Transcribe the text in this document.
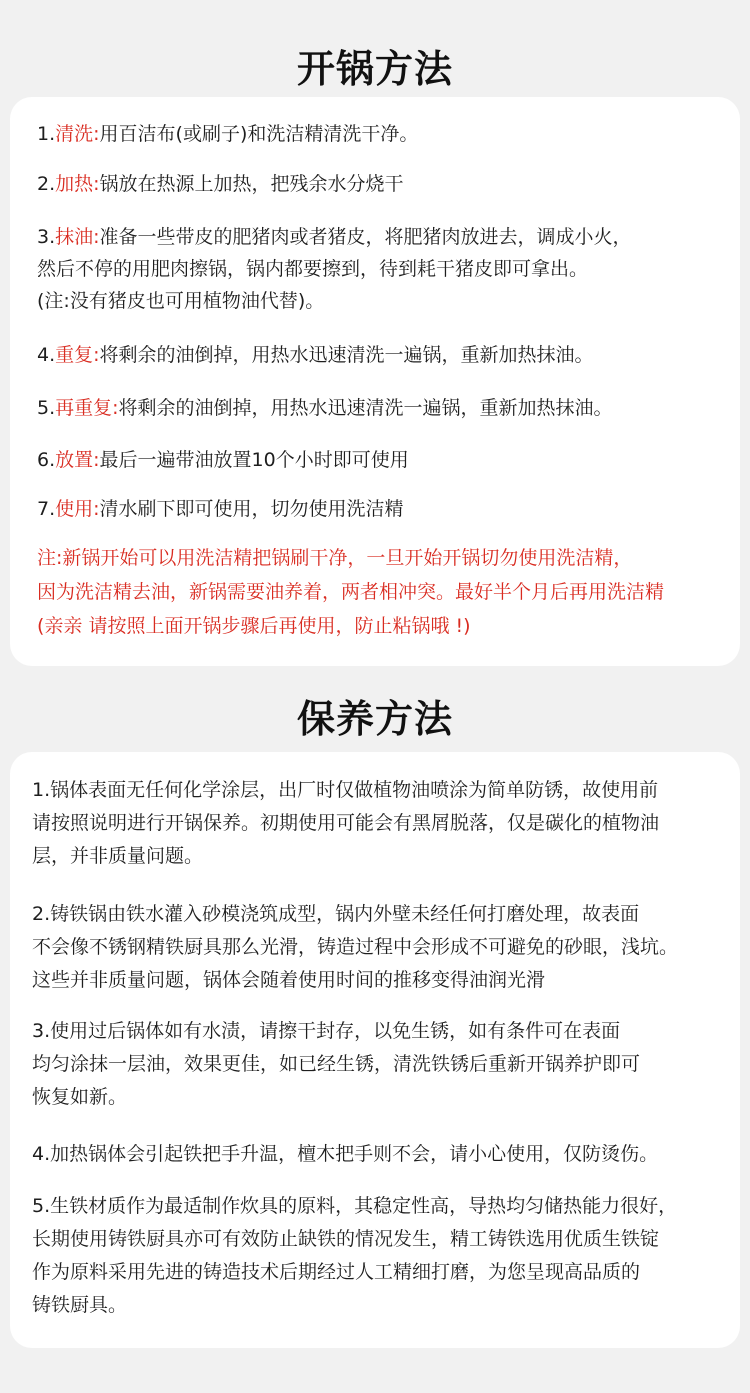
开锅方法
1.清洗:用百洁布(或刷子)和洗洁精清洗干净。
2.加热:锅放在热源上加热，把残余水分烧干
3.抹油:准备一些带皮的肥猪肉或者猪皮，将肥猪肉放进去，调成小火，
然后不停的用肥肉擦锅，锅内都要擦到，待到耗干猪皮即可拿出。
(注:没有猪皮也可用植物油代替)。
4.重复:将剩余的油倒掉，用热水迅速清洗一遍锅，重新加热抹油。
5.再重复:将剩余的油倒掉，用热水迅速清洗一遍锅，重新加热抹油。
6.放置:最后一遍带油放置10个小时即可使用
7.使用:清水刷下即可使用，切勿使用洗洁精
注:新锅开始可以用洗洁精把锅刷干净，一旦开始开锅切勿使用洗洁精，
因为洗洁精去油，新锅需要油养着，两者相冲突。最好半个月后再用洗洁精
(亲亲 请按照上面开锅步骤后再使用，防止粘锅哦 !)
保养方法
1.锅体表面无任何化学涂层，出厂时仅做植物油喷涂为简单防锈，故使用前
请按照说明进行开锅保养。初期使用可能会有黑屑脱落，仅是碳化的植物油
层，并非质量问题。
2.铸铁锅由铁水灌入砂模浇筑成型，锅内外壁未经任何打磨处理，故表面
不会像不锈钢精铁厨具那么光滑，铸造过程中会形成不可避免的砂眼，浅坑。
这些并非质量问题，锅体会随着使用时间的推移变得油润光滑
3.使用过后锅体如有水渍，请擦干封存，以免生锈，如有条件可在表面
均匀涂抹一层油，效果更佳，如已经生锈，清洗铁锈后重新开锅养护即可
恢复如新。
4.加热锅体会引起铁把手升温，檀木把手则不会，请小心使用，仅防烫伤。
5.生铁材质作为最适制作炊具的原料，其稳定性高，导热均匀储热能力很好，
长期使用铸铁厨具亦可有效防止缺铁的情况发生，精工铸铁选用优质生铁锭
作为原料采用先进的铸造技术后期经过人工精细打磨，为您呈现高品质的
铸铁厨具。
